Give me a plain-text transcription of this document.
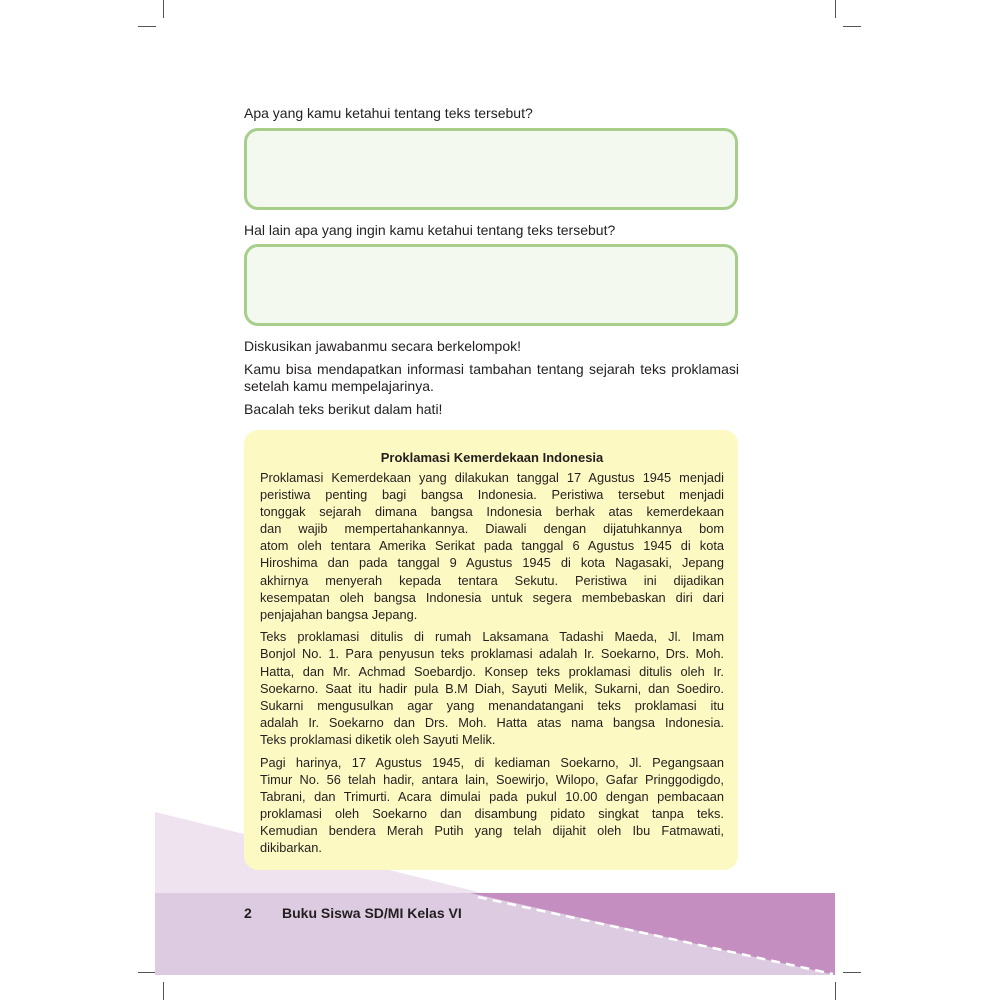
Apa yang kamu ketahui tentang teks tersebut?
Hal lain apa yang ingin kamu ketahui tentang teks tersebut?
Diskusikan jawabanmu secara berkelompok!
Kamu bisa mendapatkan informasi tambahan tentang sejarah teks proklamasi
setelah kamu mempelajarinya.
Bacalah teks berikut dalam hati!
Proklamasi Kemerdekaan Indonesia
Proklamasi Kemerdekaan yang dilakukan tanggal 17 Agustus 1945 menjadi
peristiwa penting bagi bangsa Indonesia. Peristiwa tersebut menjadi
tonggak sejarah dimana bangsa Indonesia berhak atas kemerdekaan
dan wajib mempertahankannya. Diawali dengan dijatuhkannya bom
atom oleh tentara Amerika Serikat pada tanggal 6 Agustus 1945 di kota
Hiroshima dan pada tanggal 9 Agustus 1945 di kota Nagasaki, Jepang
akhirnya menyerah kepada tentara Sekutu. Peristiwa ini dijadikan
kesempatan oleh bangsa Indonesia untuk segera membebaskan diri dari
penjajahan bangsa Jepang.
Teks proklamasi ditulis di rumah Laksamana Tadashi Maeda, Jl. Imam
Bonjol No. 1. Para penyusun teks proklamasi adalah Ir. Soekarno, Drs. Moh.
Hatta, dan Mr. Achmad Soebardjo. Konsep teks proklamasi ditulis oleh Ir.
Soekarno. Saat itu hadir pula B.M Diah, Sayuti Melik, Sukarni, dan Soediro.
Sukarni mengusulkan agar yang menandatangani teks proklamasi itu
adalah Ir. Soekarno dan Drs. Moh. Hatta atas nama bangsa Indonesia.
Teks proklamasi diketik oleh Sayuti Melik.
Pagi harinya, 17 Agustus 1945, di kediaman Soekarno, Jl. Pegangsaan
Timur No. 56 telah hadir, antara lain, Soewirjo, Wilopo, Gafar Pringgodigdo,
Tabrani, dan Trimurti. Acara dimulai pada pukul 10.00 dengan pembacaan
proklamasi oleh Soekarno dan disambung pidato singkat tanpa teks.
Kemudian bendera Merah Putih yang telah dijahit oleh Ibu Fatmawati,
dikibarkan.
2 Buku Siswa SD/MI Kelas VI
